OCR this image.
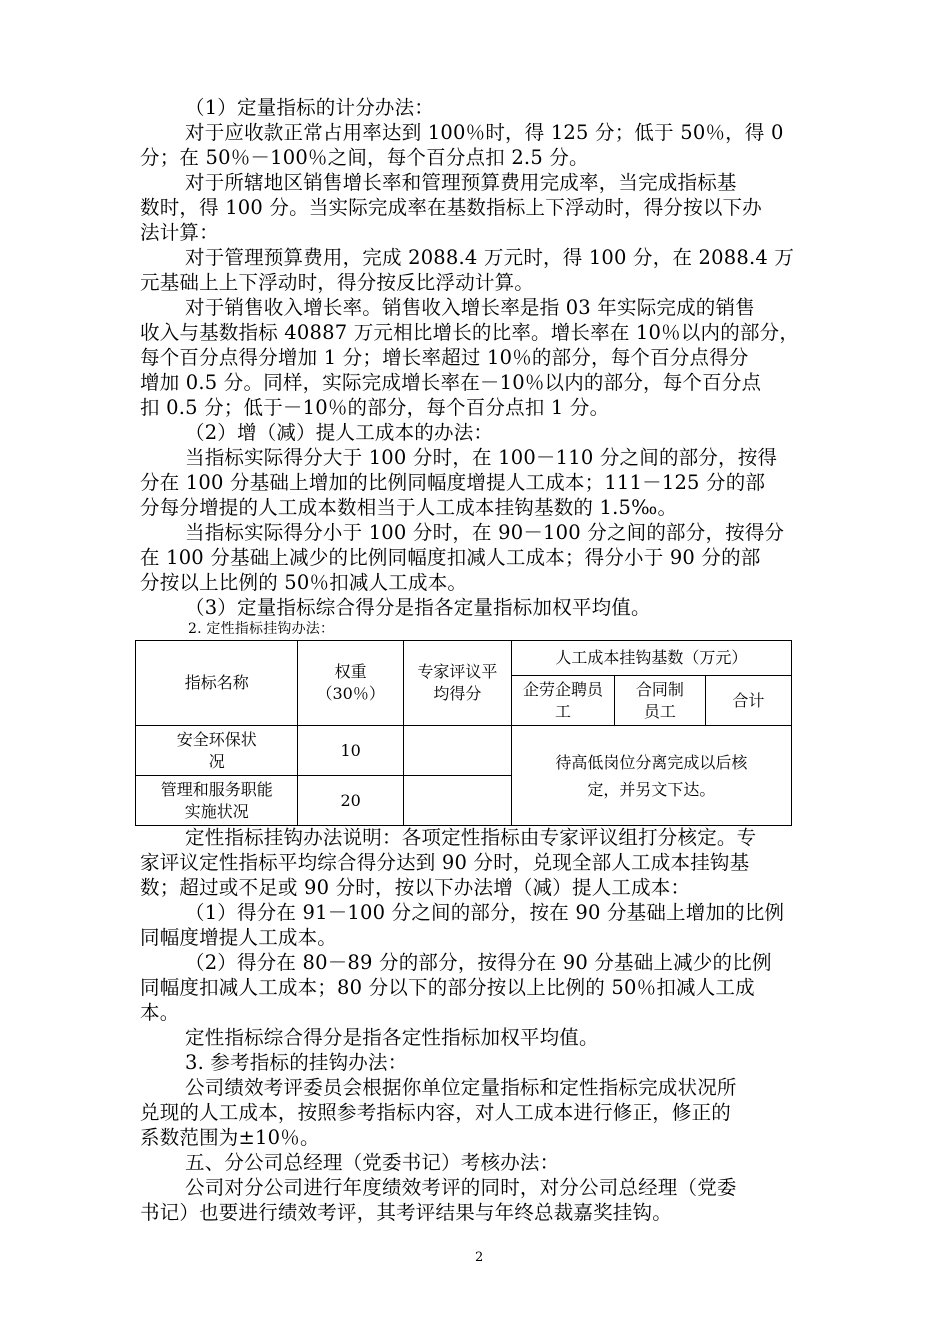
（1）定量指标的计分办法：
对于应收款正常占用率达到 100％时，得 125 分；低于 50％，得 0
分；在 50％－100％之间，每个百分点扣 2.5 分。
对于所辖地区销售增长率和管理预算费用完成率，当完成指标基
数时，得 100 分。当实际完成率在基数指标上下浮动时，得分按以下办
法计算：
对于管理预算费用，完成 2088.4 万元时，得 100 分，在 2088.4 万
元基础上上下浮动时，得分按反比浮动计算。
对于销售收入增长率。销售收入增长率是指 03 年实际完成的销售
收入与基数指标 40887 万元相比增长的比率。增长率在 10％以内的部分，
每个百分点得分增加 1 分；增长率超过 10％的部分，每个百分点得分
增加 0.5 分。同样，实际完成增长率在－10％以内的部分，每个百分点
扣 0.5 分；低于－10％的部分，每个百分点扣 1 分。
（2）增（减）提人工成本的办法：
当指标实际得分大于 100 分时，在 100－110 分之间的部分，按得
分在 100 分基础上增加的比例同幅度增提人工成本；111－125 分的部
分每分增提的人工成本数相当于人工成本挂钩基数的 1.5‰。
当指标实际得分小于 100 分时，在 90－100 分之间的部分，按得分
在 100 分基础上减少的比例同幅度扣减人工成本；得分小于 90 分的部
分按以上比例的 50％扣减人工成本。
（3）定量指标综合得分是指各定量指标加权平均值。
2. 定性指标挂钩办法：
指标名称	权重（30％）	专家评议平均得分	人工成本挂钩基数（万元）		
			企劳企聘员工	合同制员工	合计
安全环保状　况	10		待高低岗位分离完成以后核定，并另文下达。		
管理和服务职能实施状况	20				
定性指标挂钩办法说明：各项定性指标由专家评议组打分核定。专
家评议定性指标平均综合得分达到 90 分时，兑现全部人工成本挂钩基
数；超过或不足或 90 分时，按以下办法增（减）提人工成本：
（1）得分在 91－100 分之间的部分，按在 90 分基础上增加的比例
同幅度增提人工成本。
（2）得分在 80－89 分的部分，按得分在 90 分基础上减少的比例
同幅度扣减人工成本；80 分以下的部分按以上比例的 50％扣减人工成
本。
定性指标综合得分是指各定性指标加权平均值。
3. 参考指标的挂钩办法：
公司绩效考评委员会根据你单位定量指标和定性指标完成状况所
兑现的人工成本，按照参考指标内容，对人工成本进行修正，修正的
系数范围为±10％。
五、分公司总经理（党委书记）考核办法：
公司对分公司进行年度绩效考评的同时，对分公司总经理（党委
书记）也要进行绩效考评，其考评结果与年终总裁嘉奖挂钩。
2
